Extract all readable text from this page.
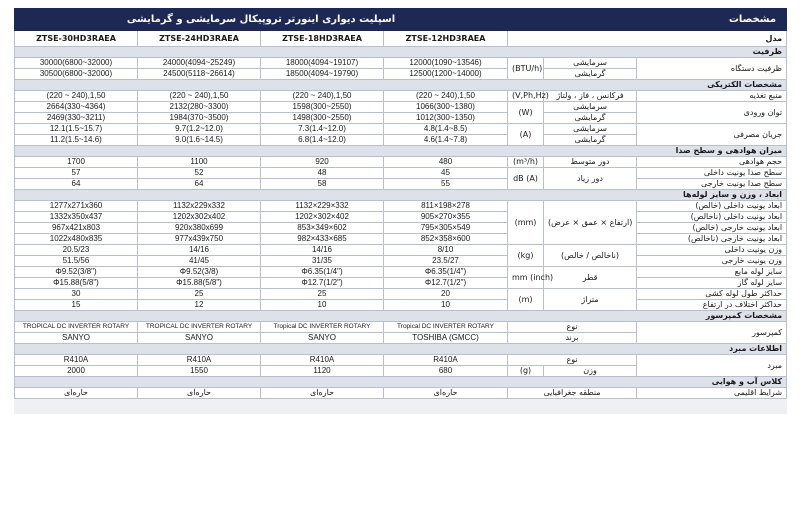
اسپلیت دیواری اینورتر تروپیکال سرمایشی و گرمایشی				مشخصات		
ZTSE-30HD3RAEA	ZTSE-24HD3RAEA	ZTSE-18HD3RAEA	ZTSE-12HD3RAEA	مدل		
ظرفیت						
30000(6800~32000)	24000(4094~25249)	18000(4094~19107)	12000(1090~13546)	(BTU/h)	سرمایشی	ظرفیت دستگاه
30500(6800~32000)	24500(5118~26614)	18500(4094~19790)	12500(1200~14000)		گرمایشی	
مشخصات الکتریکی						
(220 ~ 240),1,50	(220 ~ 240),1,50	(220 ~ 240),1,50	(220 ~ 240),1,50	(V,Ph,Hz)	فرکانس ، فاز ، ولتاژ	منبع تغذیه
2664(330~4364)	2132(280~3300)	1598(300~2550)	1066(300~1380)	(W)	سرمایشی	توان ورودی
2469(330~3211)	1984(370~3500)	1498(300~2550)	1012(300~1350)		گرمایشی	
12.1(1.5~15.7)	9.7(1.2~12.0)	7.3(1.4~12.0)	4.8(1.4~8.5)	(A)	سرمایشی	جریان مصرفی
11.2(1.5~14.6)	9.0(1.6~14.5)	6.8(1.4~12.0)	4.6(1.4~7.8)		گرمایشی	
میزان هوادهی و سطح صدا						
1700	1100	920	480	(m³/h)	دور متوسط	حجم هوادهی
57	52	48	45	dB (A)	دور زیاد	سطح صدا یونیت داخلی
64	64	58	55			سطح صدا یونیت خارجی
ابعاد ، وزن و سایز لوله‌ها						
1277x271x360	1132x229x332	1132×229×332	811×198×278	(mm)	(ارتفاع × عمق × عرض)	ابعاد یونیت داخلی (خالص)
1332x350x437	1202x302x402	1202×302×402	905×270×355			ابعاد یونیت داخلی (ناخالص)
967x421x803	920x380x699	853×349×602	795×305×549			ابعاد یونیت خارجی (خالص)
1022x480x835	977x439x750	982×433×685	852×358×600			ابعاد یونیت خارجی (ناخالص)
20.5/23	14/16	14/16	8/10	(kg)	(ناخالص / خالص)	وزن یونیت داخلی
51.5/56	41/45	31/35	23.5/27			وزن یونیت خارجی
Φ9.52(3/8")	Φ9.52(3/8)	Φ6.35(1/4")	Φ6.35(1/4")	mm (inch)	قطر	سایز لوله مایع
Φ15.88(5/8")	Φ15.88(5/8")	Φ12.7(1/2")	Φ12.7(1/2")			سایز لوله گاز
30	25	25	20	(m)	متراژ	حداکثر طول لوله کشی
15	12	10	10			حداکثر اختلاف در ارتفاع
مشخصات کمپرسور						
TROPICAL DC INVERTER ROTARY	TROPICAL DC INVERTER ROTARY	Tropical DC INVERTER ROTARY	Tropical DC INVERTER ROTARY	نوع		کمپرسور
SANYO	SANYO	SANYO	TOSHIBA (GMCC)	برند		
اطلاعات مبرد						
R410A	R410A	R410A	R410A	نوع		مبرد
2000	1550	1120	680	(g)	وزن	
کلاس آب و هوایی						
حاره‌ای	حاره‌ای	حاره‌ای	حاره‌ای	منطقه جغرافیایی		شرایط اقلیمی
